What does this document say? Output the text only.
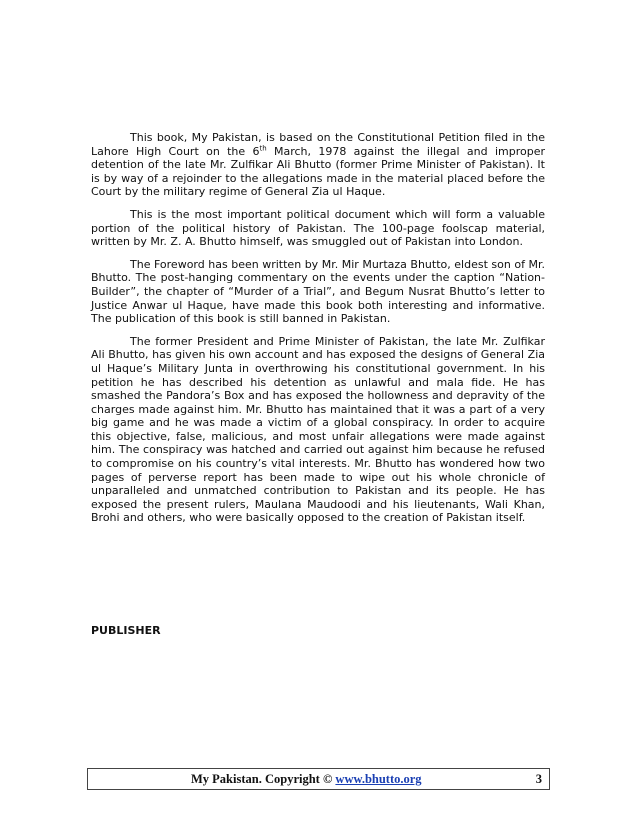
This book, My Pakistan, is based on the Constitutional Petition filed in the Lahore High Court on the 6th March, 1978 against the illegal and improper detention of the late Mr. Zulfikar Ali Bhutto (former Prime Minister of Pakistan). It is by way of a rejoinder to the allegations made in the material placed before the Court by the military regime of General Zia ul Haque.

This is the most important political document which will form a valuable portion of the political history of Pakistan. The 100-page foolscap material, written by Mr. Z. A. Bhutto himself, was smuggled out of Pakistan into London.

The Foreword has been written by Mr. Mir Murtaza Bhutto, eldest son of Mr. Bhutto. The post-hanging commentary on the events under the caption “Nation-Builder”, the chapter of “Murder of a Trial”, and Begum Nusrat Bhutto’s letter to Justice Anwar ul Haque, have made this book both interesting and informative. The publication of this book is still banned in Pakistan.

The former President and Prime Minister of Pakistan, the late Mr. Zulfikar Ali Bhutto, has given his own account and has exposed the designs of General Zia ul Haque’s Military Junta in overthrowing his constitutional government. In his petition he has described his detention as unlawful and mala fide. He has smashed the Pandora’s Box and has exposed the hollowness and depravity of the charges made against him. Mr. Bhutto has maintained that it was a part of a very big game and he was made a victim of a global conspiracy. In order to acquire this objective, false, malicious, and most unfair allegations were made against him. The conspiracy was hatched and carried out against him because he refused to compromise on his country’s vital interests. Mr. Bhutto has wondered how two pages of perverse report has been made to wipe out his whole chronicle of unparalleled and unmatched contribution to Pakistan and its people. He has exposed the present rulers, Maulana Maudoodi and his lieutenants, Wali Khan, Brohi and others, who were basically opposed to the creation of Pakistan itself.

PUBLISHER
My Pakistan. Copyright © www.bhutto.org	3
